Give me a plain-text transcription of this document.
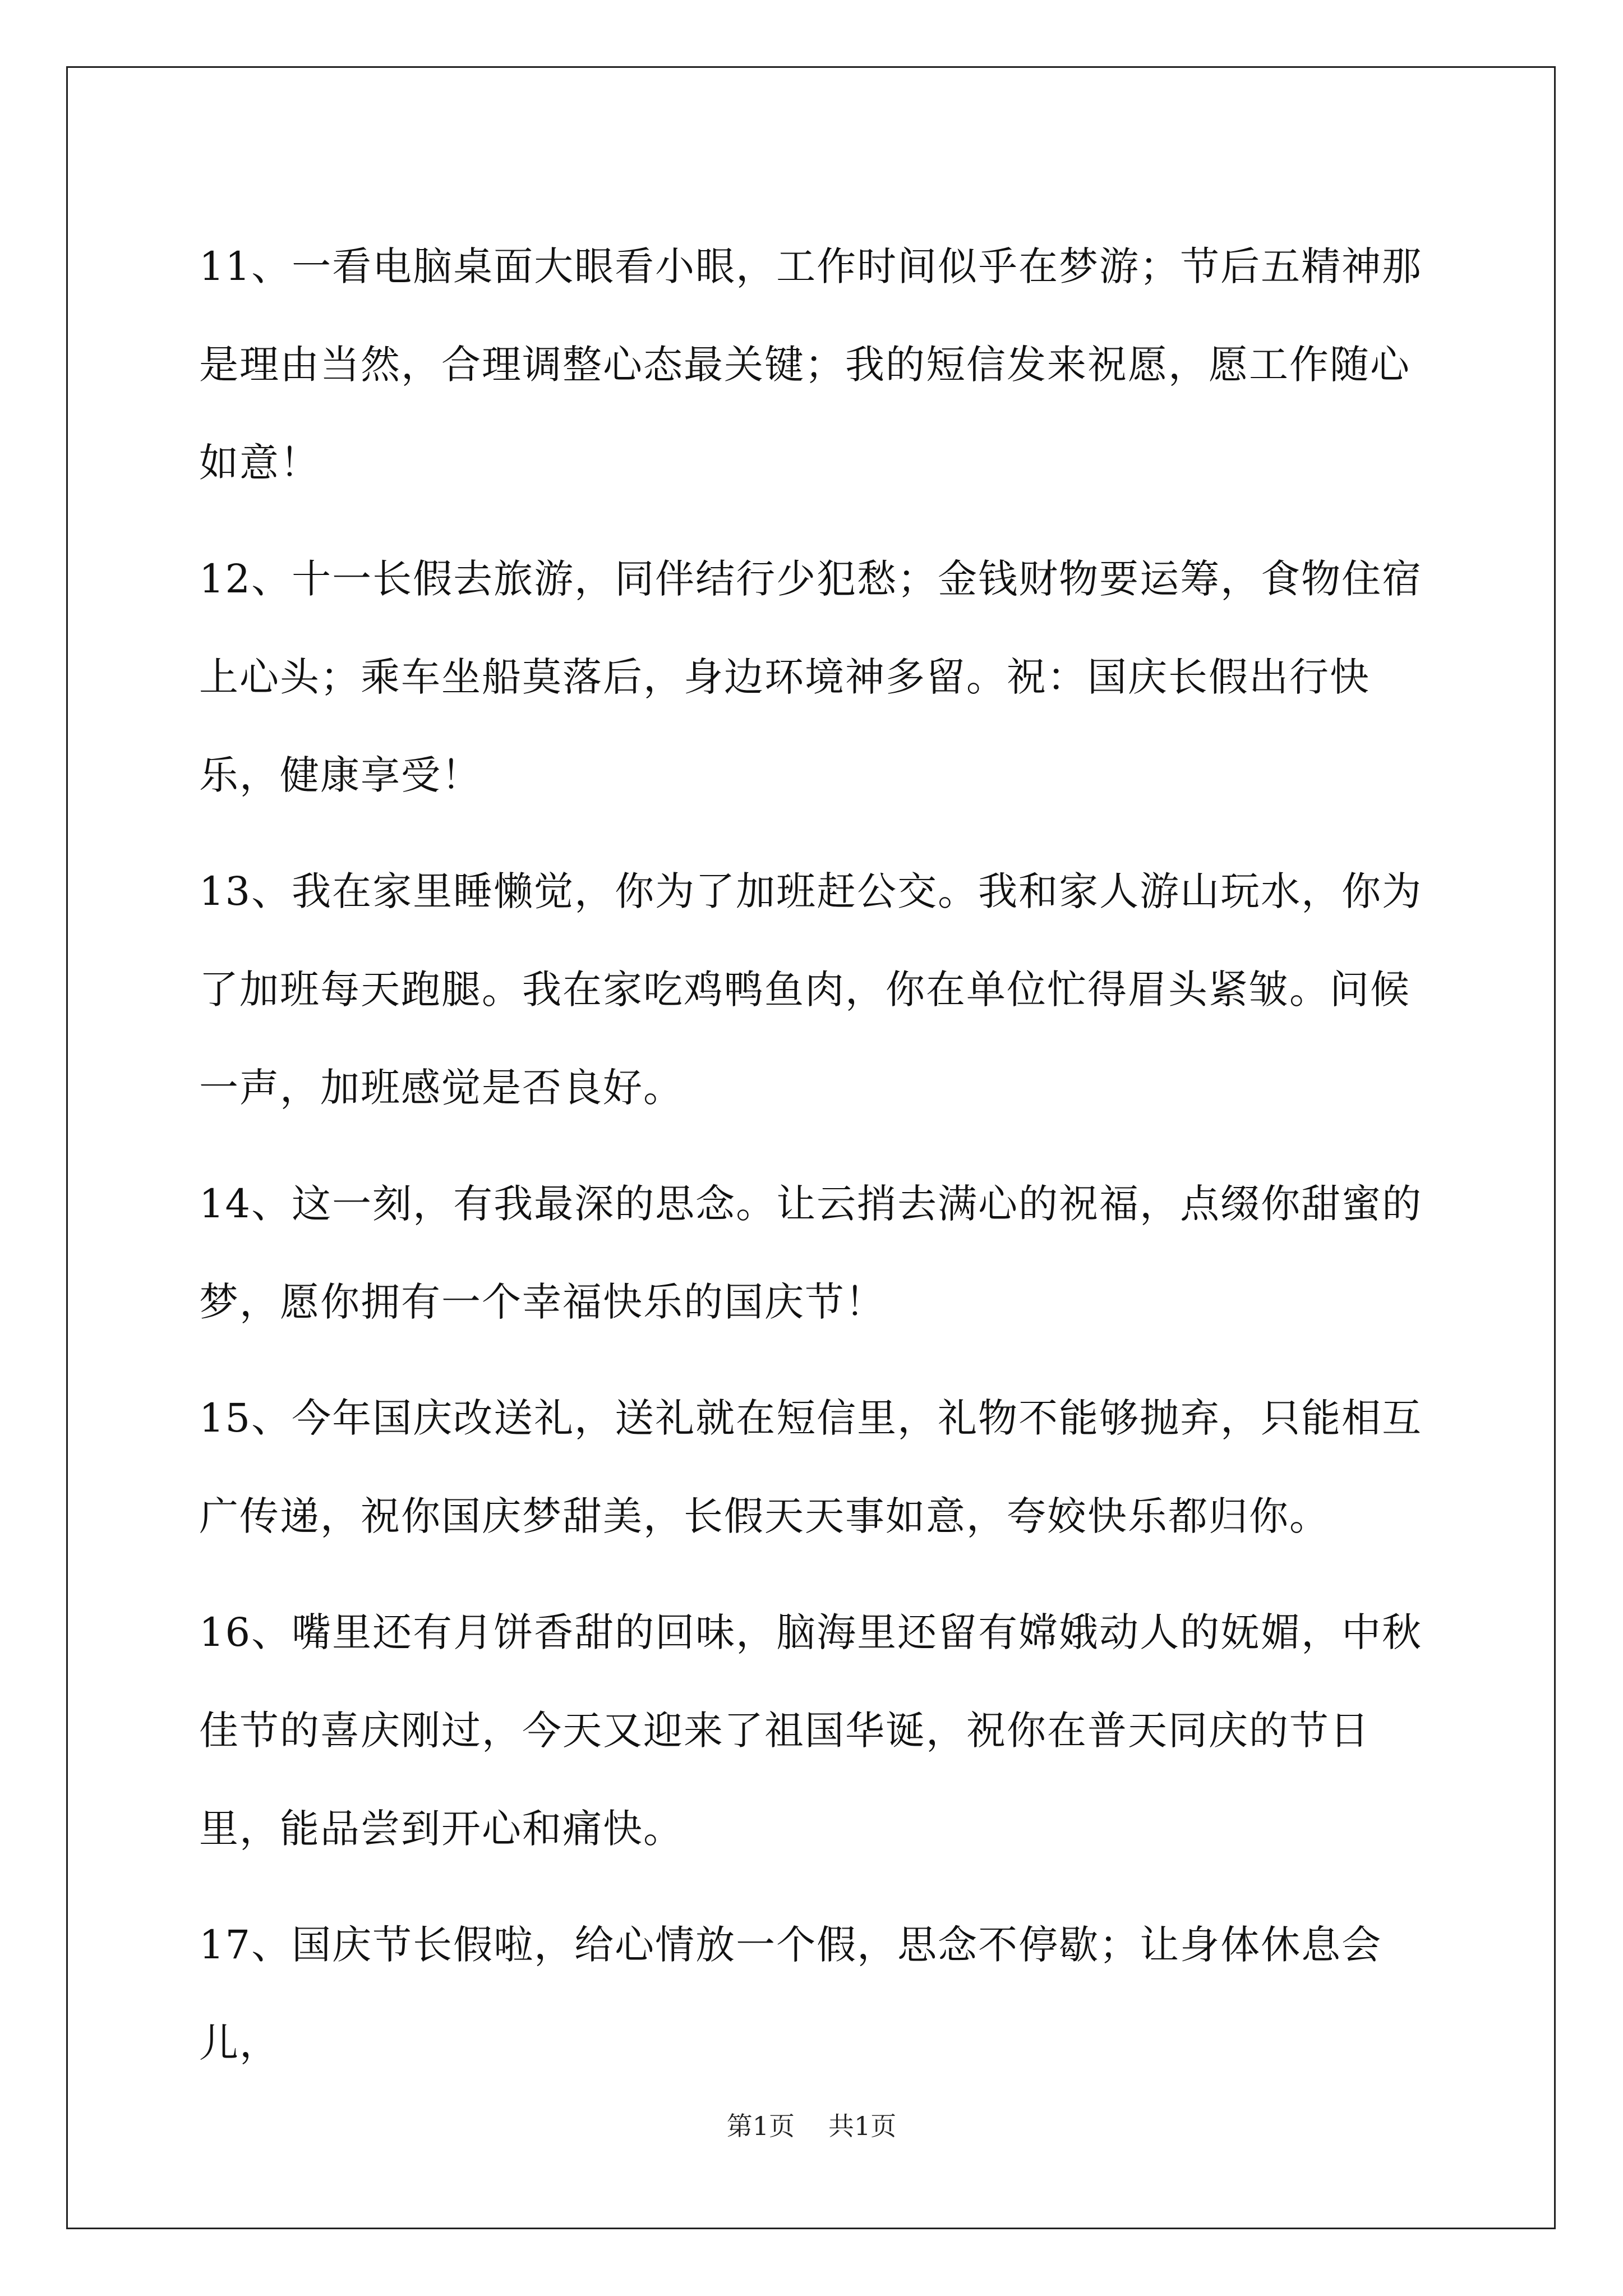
11、一看电脑桌面大眼看小眼，工作时间似乎在梦游；节后五精神那是理由当然，合理调整心态最关键；我的短信发来祝愿，愿工作随心如意！

12、十一长假去旅游，同伴结行少犯愁；金钱财物要运筹，食物住宿上心头；乘车坐船莫落后，身边环境神多留。祝：国庆长假出行快乐，健康享受！

13、我在家里睡懒觉，你为了加班赶公交。我和家人游山玩水，你为了加班每天跑腿。我在家吃鸡鸭鱼肉，你在单位忙得眉头紧皱。问候一声，加班感觉是否良好。

14、这一刻，有我最深的思念。让云捎去满心的祝福，点缀你甜蜜的梦，愿你拥有一个幸福快乐的国庆节！

15、今年国庆改送礼，送礼就在短信里，礼物不能够抛弃，只能相互广传递，祝你国庆梦甜美，长假天天事如意，夸姣快乐都归你。

16、嘴里还有月饼香甜的回味，脑海里还留有嫦娥动人的妩媚，中秋佳节的喜庆刚过，今天又迎来了祖国华诞，祝你在普天同庆的节日里，能品尝到开心和痛快。

17、国庆节长假啦，给心情放一个假，思念不停歇；让身体休息会儿，

第1页 共1页
